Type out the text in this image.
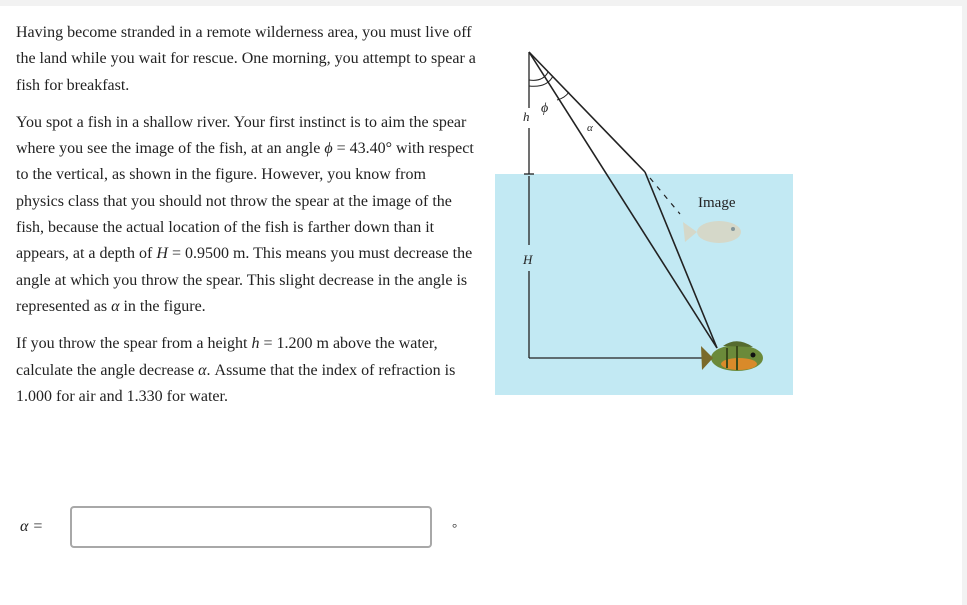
Having become stranded in a remote wilderness area, you must live off the land while you wait for rescue. One morning, you attempt to spear a fish for breakfast.

You spot a fish in a shallow river. Your first instinct is to aim the spear where you see the image of the fish, at an angle ϕ = 43.40° with respect to the vertical, as shown in the figure. However, you know from physics class that you should not throw the spear at the image of the fish, because the actual location of the fish is farther down than it appears, at a depth of H = 0.9500 m. This means you must decrease the angle at which you throw the spear. This slight decrease in the angle is represented as α in the figure.

If you throw the spear from a height h = 1.200 m above the water, calculate the angle decrease α. Assume that the index of refraction is 1.000 for air and 1.330 for water.

α =	°
h
ϕ
α
H
Image
